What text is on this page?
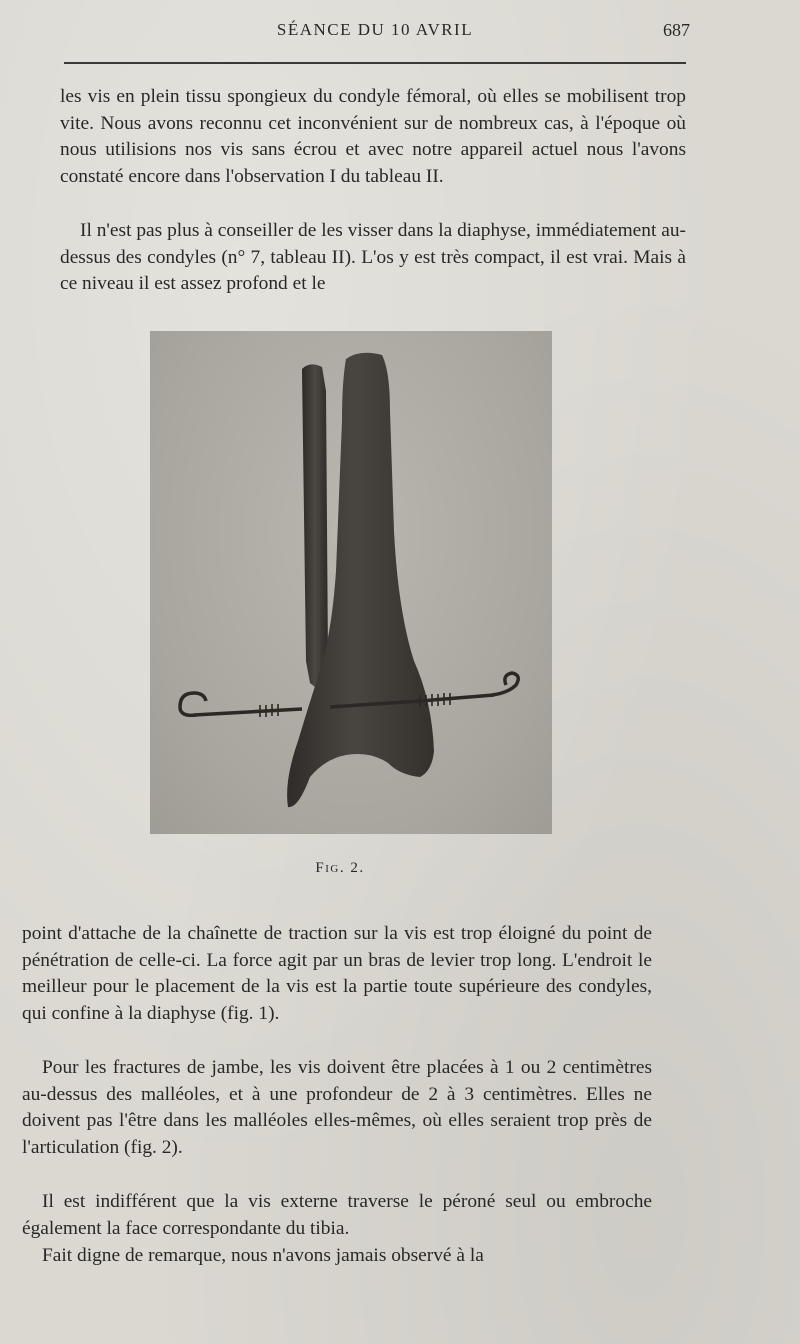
SÉANCE DU 10 AVRIL	687

les vis en plein tissu spongieux du condyle fémoral, où elles se mobilisent trop vite. Nous avons reconnu cet inconvénient sur de nombreux cas, à l'époque où nous utilisions nos vis sans écrou et avec notre appareil actuel nous l'avons constaté encore dans l'observation I du tableau II.

Il n'est pas plus à conseiller de les visser dans la diaphyse, immédiatement au-dessus des condyles (n° 7, tableau II). L'os y est très compact, il est vrai. Mais à ce niveau il est assez profond et le

Fig. 2.

point d'attache de la chaînette de traction sur la vis est trop éloigné du point de pénétration de celle-ci. La force agit par un bras de levier trop long. L'endroit le meilleur pour le placement de la vis est la partie toute supérieure des condyles, qui confine à la diaphyse (fig. 1).

Pour les fractures de jambe, les vis doivent être placées à 1 ou 2 centimètres au-dessus des malléoles, et à une profondeur de 2 à 3 centimètres. Elles ne doivent pas l'être dans les malléoles elles-mêmes, où elles seraient trop près de l'articulation (fig. 2).

Il est indifférent que la vis externe traverse le péroné seul ou embroche également la face correspondante du tibia.

Fait digne de remarque, nous n'avons jamais observé à la
